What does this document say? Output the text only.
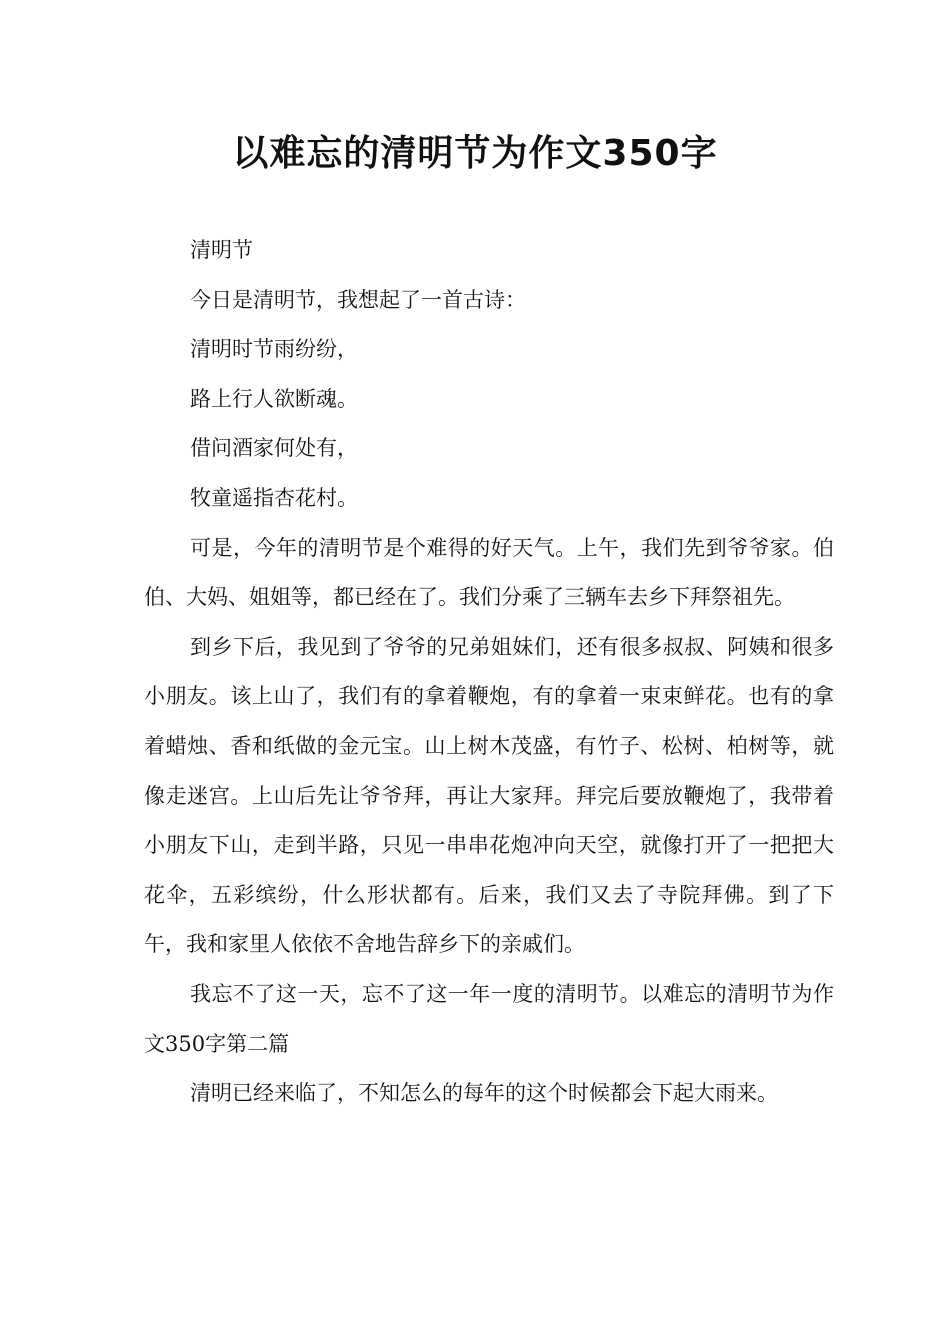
以难忘的清明节为作文350字

清明节

今日是清明节，我想起了一首古诗：

清明时节雨纷纷，

路上行人欲断魂。

借问酒家何处有，

牧童遥指杏花村。

可是，今年的清明节是个难得的好天气。上午，我们先到爷爷家。伯伯、大妈、姐姐等，都已经在了。我们分乘了三辆车去乡下拜祭祖先。

到乡下后，我见到了爷爷的兄弟姐妹们，还有很多叔叔、阿姨和很多小朋友。该上山了，我们有的拿着鞭炮，有的拿着一束束鲜花。也有的拿着蜡烛、香和纸做的金元宝。山上树木茂盛，有竹子、松树、柏树等，就像走迷宫。上山后先让爷爷拜，再让大家拜。拜完后要放鞭炮了，我带着小朋友下山，走到半路，只见一串串花炮冲向天空，就像打开了一把把大花伞，五彩缤纷，什么形状都有。后来，我们又去了寺院拜佛。到了下午，我和家里人依依不舍地告辞乡下的亲戚们。

我忘不了这一天，忘不了这一年一度的清明节。以难忘的清明节为作文350字第二篇

清明已经来临了，不知怎么的每年的这个时候都会下起大雨来。
